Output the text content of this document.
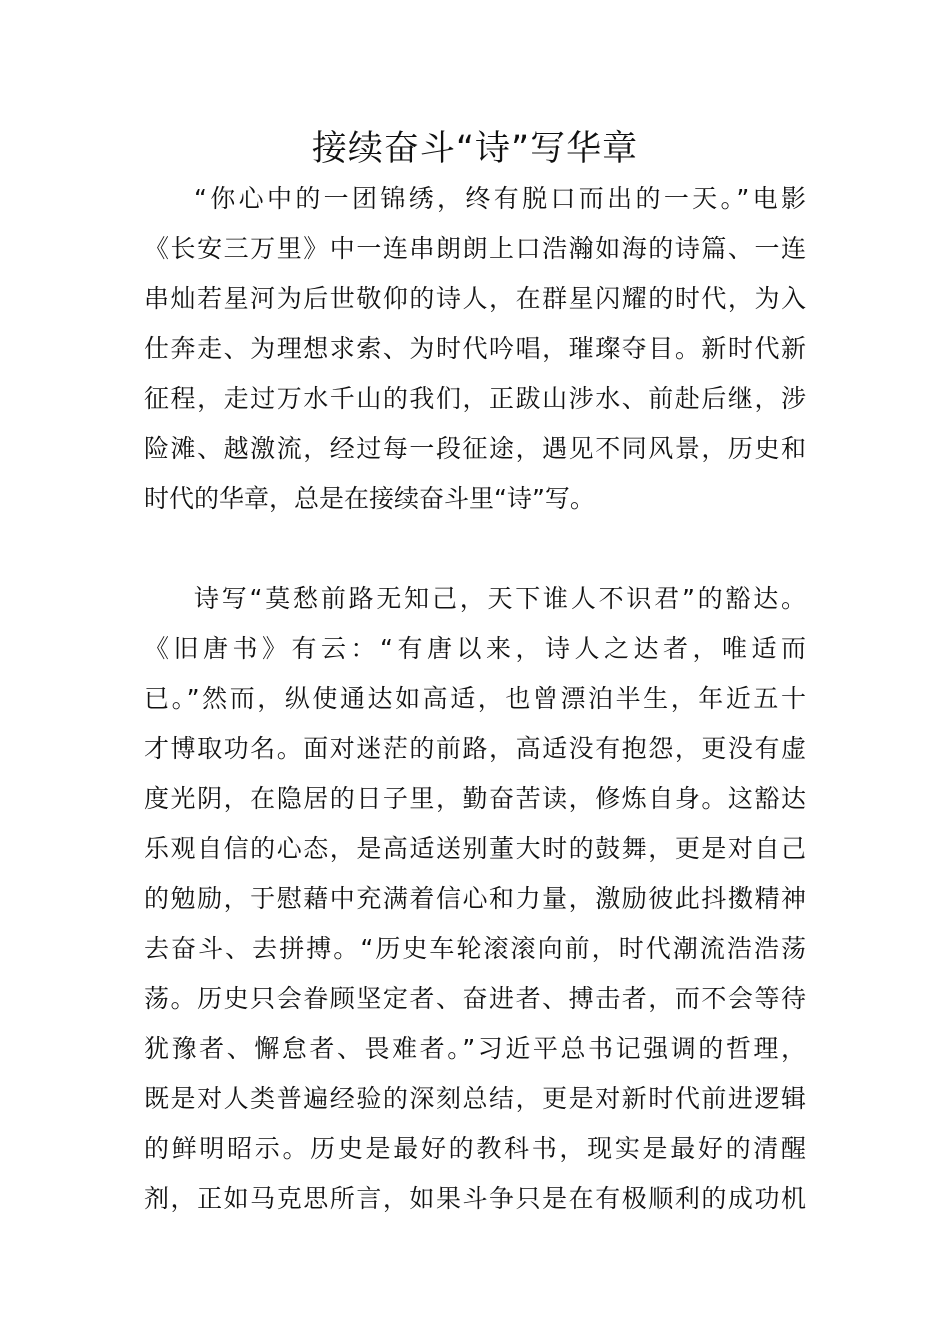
接续奋斗“诗”写华章
“你心中的一团锦绣，终有脱口而出的一天。”电影
《长安三万里》中一连串朗朗上口浩瀚如海的诗篇、一连
串灿若星河为后世敬仰的诗人，在群星闪耀的时代，为入
仕奔走、为理想求索、为时代吟唱，璀璨夺目。新时代新
征程，走过万水千山的我们，正跋山涉水、前赴后继，涉
险滩、越激流，经过每一段征途，遇见不同风景，历史和
时代的华章，总是在接续奋斗里“诗”写。
诗写“莫愁前路无知己，天下谁人不识君”的豁达。
《旧唐书》有云：“有唐以来，诗人之达者，唯适而
已。”然而，纵使通达如高适，也曾漂泊半生，年近五十
才博取功名。面对迷茫的前路，高适没有抱怨，更没有虚
度光阴，在隐居的日子里，勤奋苦读，修炼自身。这豁达
乐观自信的心态，是高适送别董大时的鼓舞，更是对自己
的勉励，于慰藉中充满着信心和力量，激励彼此抖擞精神
去奋斗、去拼搏。“历史车轮滚滚向前，时代潮流浩浩荡
荡。历史只会眷顾坚定者、奋进者、搏击者，而不会等待
犹豫者、懈怠者、畏难者。”习近平总书记强调的哲理，
既是对人类普遍经验的深刻总结，更是对新时代前进逻辑
的鲜明昭示。历史是最好的教科书，现实是最好的清醒
剂，正如马克思所言，如果斗争只是在有极顺利的成功机
